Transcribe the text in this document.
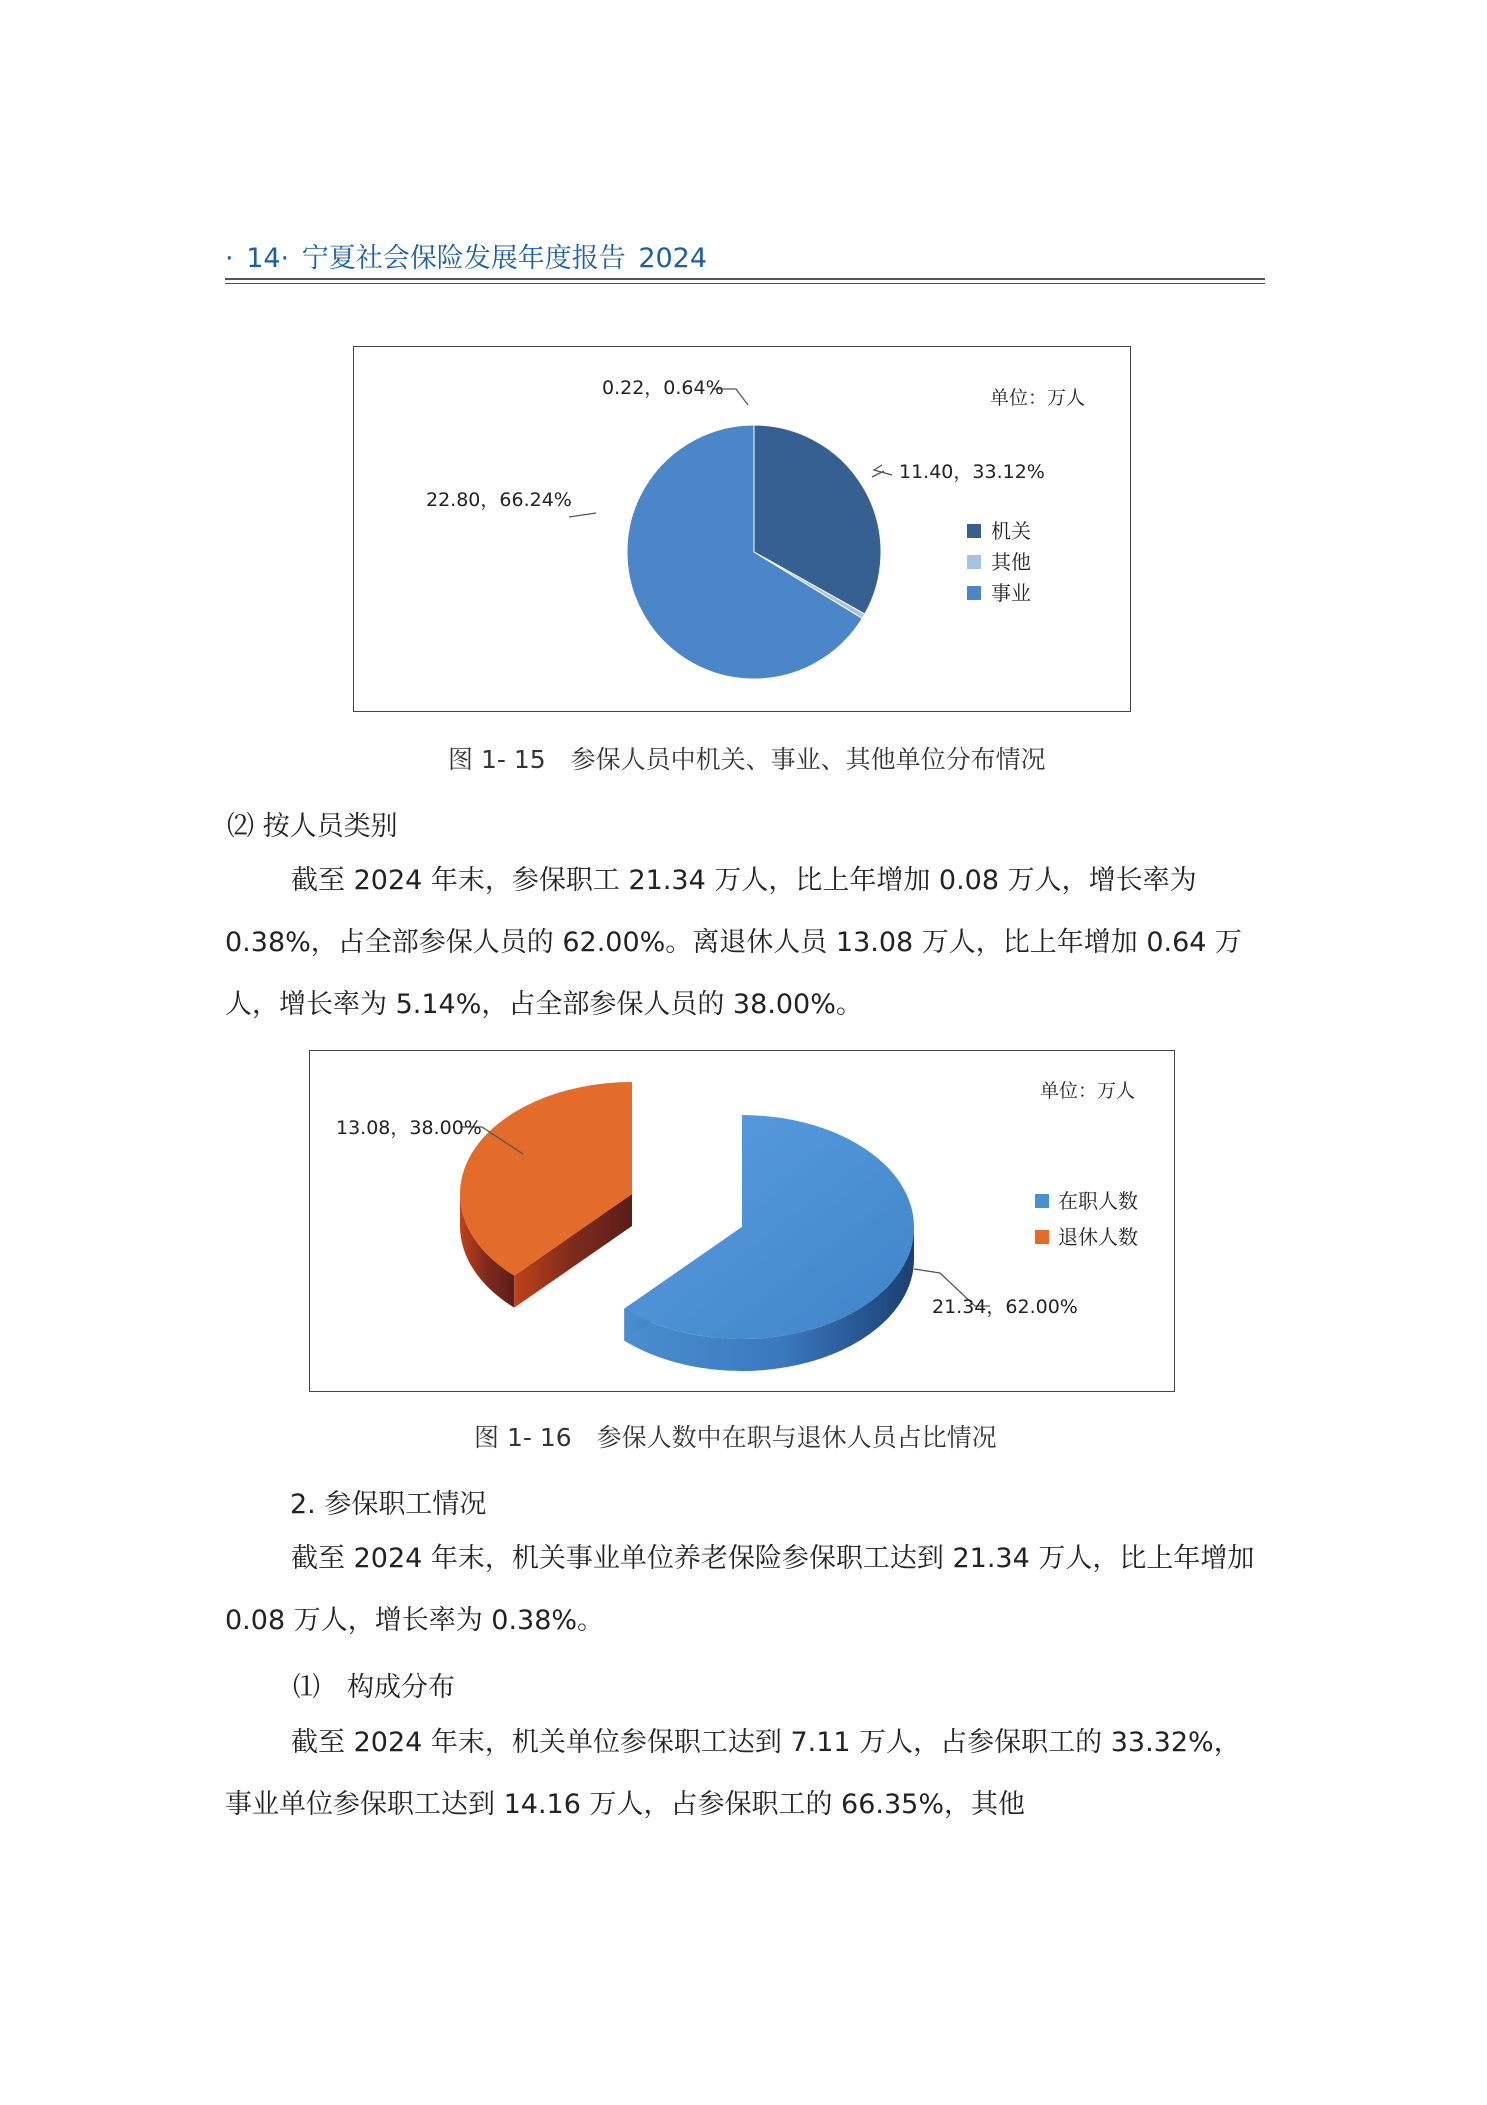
· 14· 宁夏社会保险发展年度报告 2024
0.22，0.64%
11.40，33.12%
22.80，66.24%
单位：万人
机关
其他
事业
图 1- 15　参保人员中机关、事业、其他单位分布情况
⑵ 按人员类别
截至 2024 年末，参保职工 21.34 万人，比上年增加 0.08 万人，增长率为 0.38%，占全部参保人员的 62.00%。离退休人员 13.08 万人，比上年增加 0.64 万人，增长率为 5.14%，占全部参保人员的 38.00%。
13.08，38.00%
21.34，62.00%
单位：万人
在职人数
退休人数
图 1- 16　参保人数中在职与退休人员占比情况
2. 参保职工情况
截至 2024 年末，机关事业单位养老保险参保职工达到 21.34 万人，比上年增加 0.08 万人，增长率为 0.38%。
⑴　构成分布
截至 2024 年末，机关单位参保职工达到 7.11 万人，占参保职工的 33.32%，事业单位参保职工达到 14.16 万人，占参保职工的 66.35%，其他
